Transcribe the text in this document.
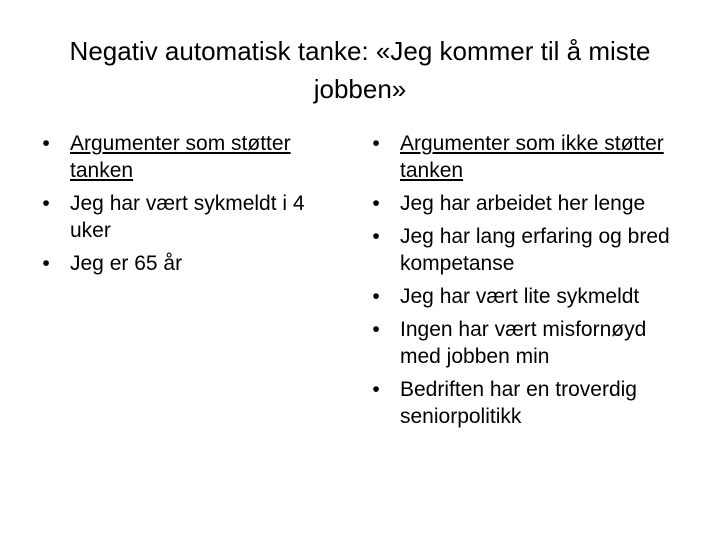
Negativ automatisk tanke: «Jeg kommer til å miste jobben»
• Argumenter som støtter tanken
• Jeg har vært sykmeldt i 4 uker
• Jeg er 65 år
• Argumenter som ikke støtter tanken
• Jeg har arbeidet her lenge
• Jeg har lang erfaring og bred kompetanse
• Jeg har vært lite sykmeldt
• Ingen har vært misfornøyd med jobben min
• Bedriften har en troverdig seniorpolitikk
